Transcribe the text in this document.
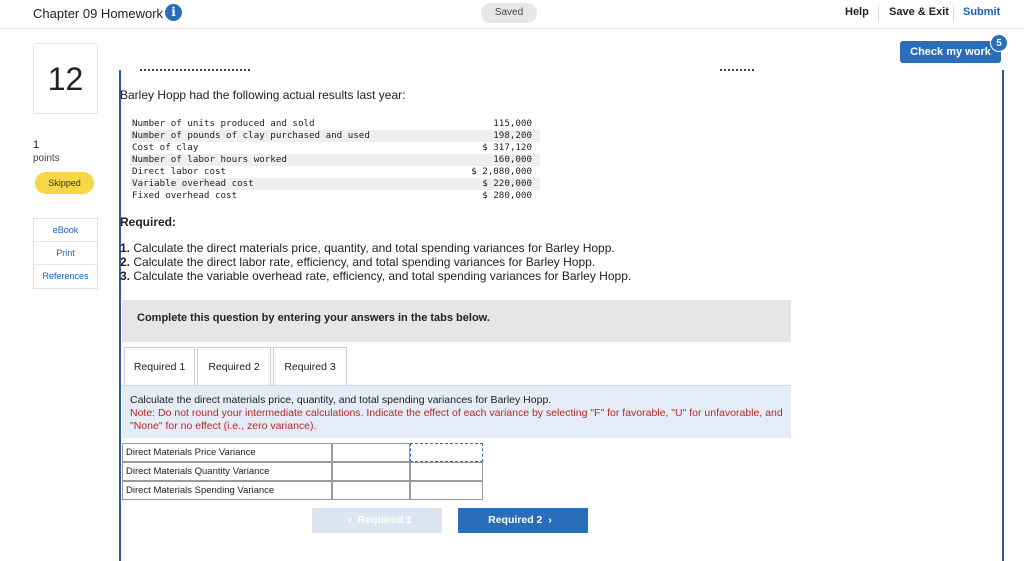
Chapter 09 Homework i	Saved	Help Save & Exit Submit
12
1
points
Skipped
eBook
Print
References
Check my work
5
Barley Hopp had the following actual results last year:
Number of units produced and sold	115,000
Number of pounds of clay purchased and used	198,200
Cost of clay	$ 317,120
Number of labor hours worked	160,000
Direct labor cost	$ 2,080,000
Variable overhead cost	$ 220,000
Fixed overhead cost	$ 280,000
Required:
1. Calculate the direct materials price, quantity, and total spending variances for Barley Hopp.
2. Calculate the direct labor rate, efficiency, and total spending variances for Barley Hopp.
3. Calculate the variable overhead rate, efficiency, and total spending variances for Barley Hopp.
Complete this question by entering your answers in the tabs below.
Required 1	Required 2	Required 3
Calculate the direct materials price, quantity, and total spending variances for Barley Hopp.
Note: Do not round your intermediate calculations. Indicate the effect of each variance by selecting "F" for favorable, "U" for unfavorable, and "None" for no effect (i.e., zero variance).
Direct Materials Price Variance
Direct Materials Quantity Variance
Direct Materials Spending Variance
‹ Required 1	Required 2 ›
